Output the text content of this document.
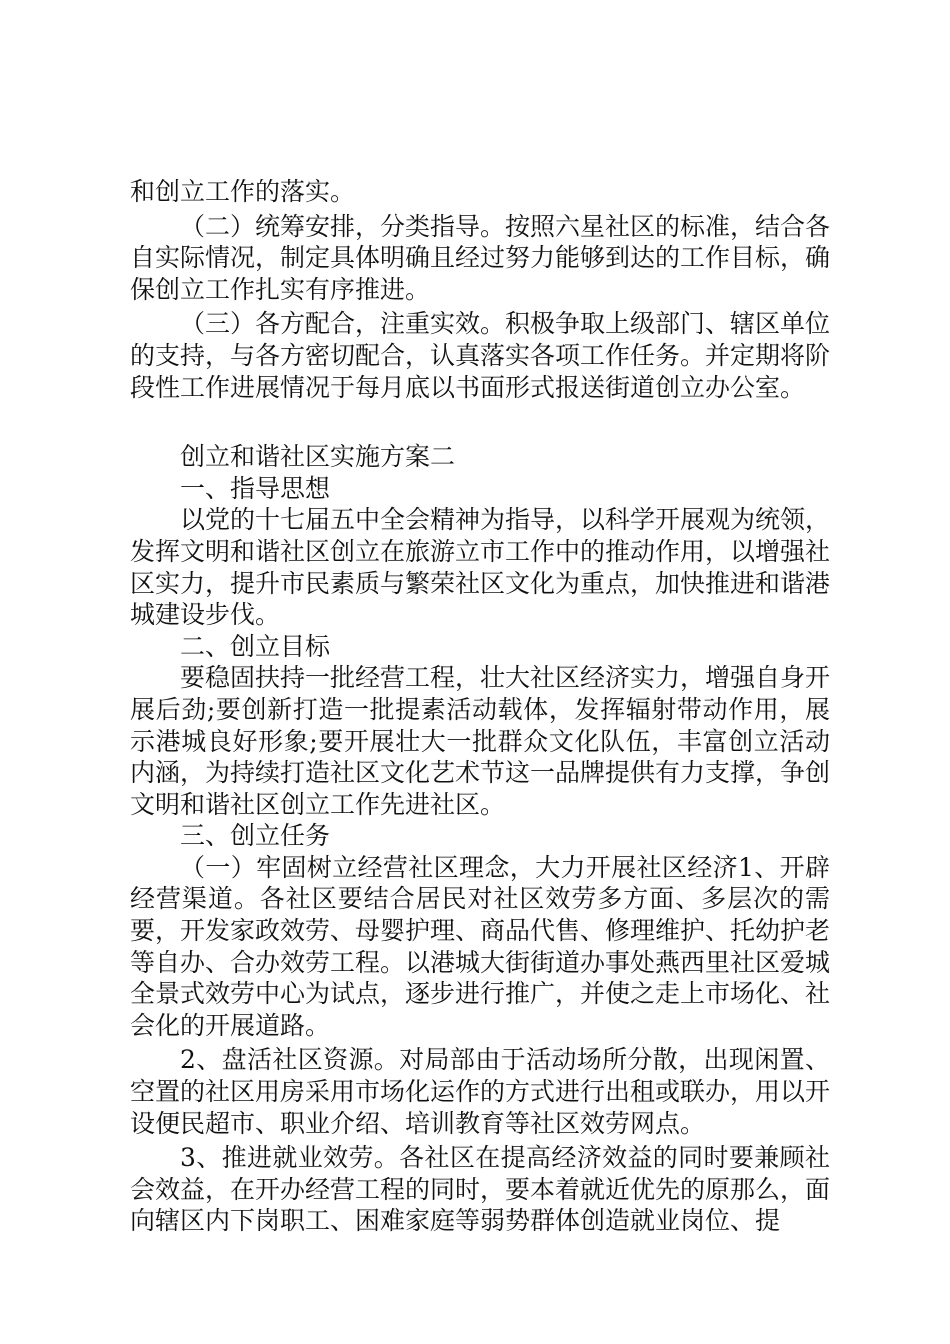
和创立工作的落实。

（二）统筹安排，分类指导。按照六星社区的标准，结合各自实际情况，制定具体明确且经过努力能够到达的工作目标，确保创立工作扎实有序推进。

（三）各方配合，注重实效。积极争取上级部门、辖区单位的支持，与各方密切配合，认真落实各项工作任务。并定期将阶段性工作进展情况于每月底以书面形式报送街道创立办公室。

创立和谐社区实施方案二

一、指导思想

以党的十七届五中全会精神为指导，以科学开展观为统领，发挥文明和谐社区创立在旅游立市工作中的推动作用，以增强社区实力，提升市民素质与繁荣社区文化为重点，加快推进和谐港城建设步伐。

二、创立目标

要稳固扶持一批经营工程，壮大社区经济实力，增强自身开展后劲;要创新打造一批提素活动载体，发挥辐射带动作用，展示港城良好形象;要开展壮大一批群众文化队伍，丰富创立活动内涵，为持续打造社区文化艺术节这一品牌提供有力支撑，争创文明和谐社区创立工作先进社区。

三、创立任务

（一）牢固树立经营社区理念，大力开展社区经济1、开辟经营渠道。各社区要结合居民对社区效劳多方面、多层次的需要，开发家政效劳、母婴护理、商品代售、修理维护、托幼护老等自办、合办效劳工程。以港城大街街道办事处燕西里社区爱城全景式效劳中心为试点，逐步进行推广，并使之走上市场化、社会化的开展道路。

2、盘活社区资源。对局部由于活动场所分散，出现闲置、空置的社区用房采用市场化运作的方式进行出租或联办，用以开设便民超市、职业介绍、培训教育等社区效劳网点。

3、推进就业效劳。各社区在提高经济效益的同时要兼顾社会效益，在开办经营工程的同时，要本着就近优先的原那么，面向辖区内下岗职工、困难家庭等弱势群体创造就业岗位、提
